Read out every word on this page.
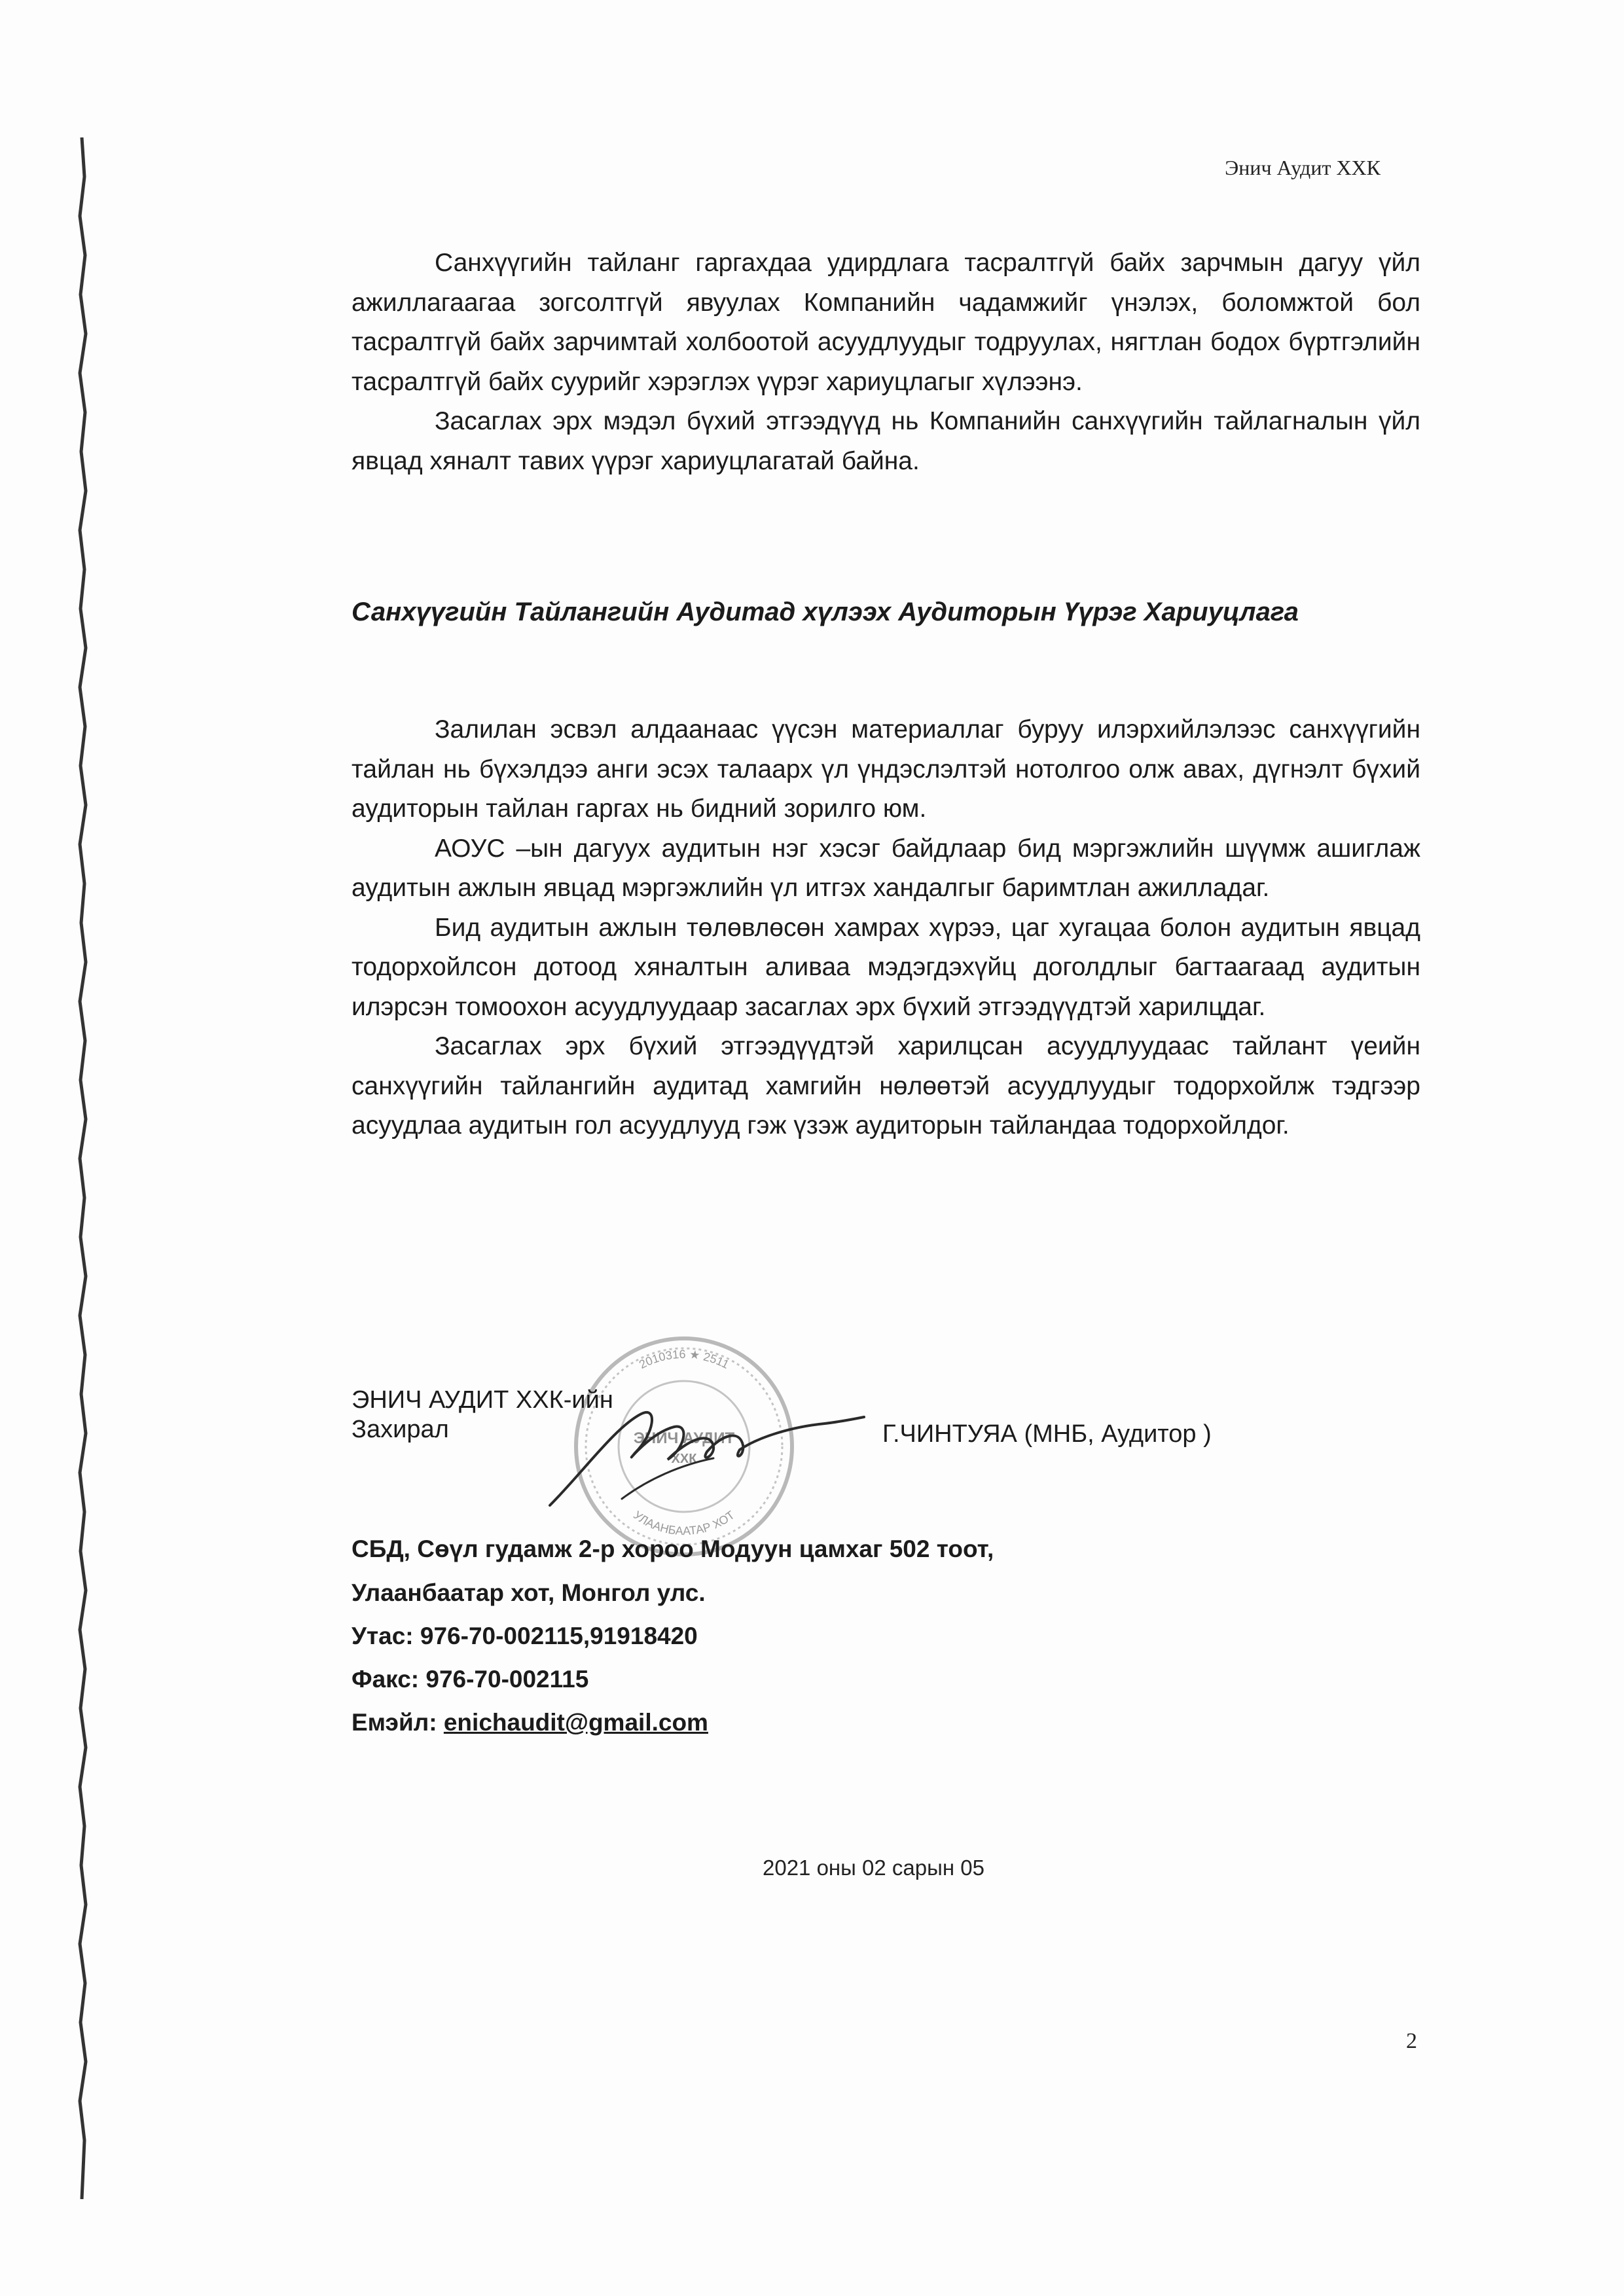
Энич Аудит ХХК

Санхүүгийн тайланг гаргахдаа удирдлага тасралтгүй байх зарчмын дагуу үйл ажиллагаагаа зогсолтгүй явуулах Компанийн чадамжийг үнэлэх, боломжтой бол тасралтгүй байх зарчимтай холбоотой асуудлуудыг тодруулах, нягтлан бодох бүртгэлийн тасралтгүй байх суурийг хэрэглэх үүрэг хариуцлагыг хүлээнэ.

Засаглах эрх мэдэл бүхий этгээдүүд нь Компанийн санхүүгийн тайлагналын үйл явцад хяналт тавих үүрэг хариуцлагатай байна.

Санхүүгийн Тайлангийн Аудитад хүлээх Аудиторын Үүрэг Хариуцлага

Залилан эсвэл алдаанаас үүсэн материаллаг буруу илэрхийлэлээс санхүүгийн тайлан нь бүхэлдээ анги эсэх талаарх үл үндэслэлтэй нотолгоо олж авах, дүгнэлт бүхий аудиторын тайлан гаргах нь бидний зорилго юм.

АОУС –ын дагуух аудитын нэг хэсэг байдлаар бид мэргэжлийн шүүмж ашиглаж аудитын ажлын явцад мэргэжлийн үл итгэх хандалгыг баримтлан ажилладаг.

Бид аудитын ажлын төлөвлөсөн хамрах хүрээ, цаг хугацаа болон аудитын явцад тодорхойлсон дотоод хяналтын аливаа мэдэгдэхүйц доголдлыг багтаагаад аудитын илэрсэн томоохон асуудлуудаар засаглах эрх бүхий этгээдүүдтэй харилцдаг.

Засаглах эрх бүхий этгээдүүдтэй харилцсан асуудлуудаас тайлант үеийн санхүүгийн тайлангийн аудитад хамгийн нөлөөтэй асуудлуудыг тодорхойлж тэдгээр асуудлаа аудитын гол асуудлууд гэж үзэж аудиторын тайландаа тодорхойлдог.

2010316 ★ 2511
УЛААНБААТАР ХОТ
ЭНИЧ АУДИТ
ХХК
ЭНИЧ АУДИТ ХХК-ийн
Захирал	Г.ЧИНТУЯА (МНБ, Аудитор )
СБД, Сөүл гудамж 2-р хороо Модуун цамхаг 502 тоот,
Улаанбаатар хот, Монгол улс.
Утас: 976-70-002115,91918420
Факс: 976-70-002115
Емэйл: enichaudit@gmail.com
2021 оны 02 сарын 05
2
